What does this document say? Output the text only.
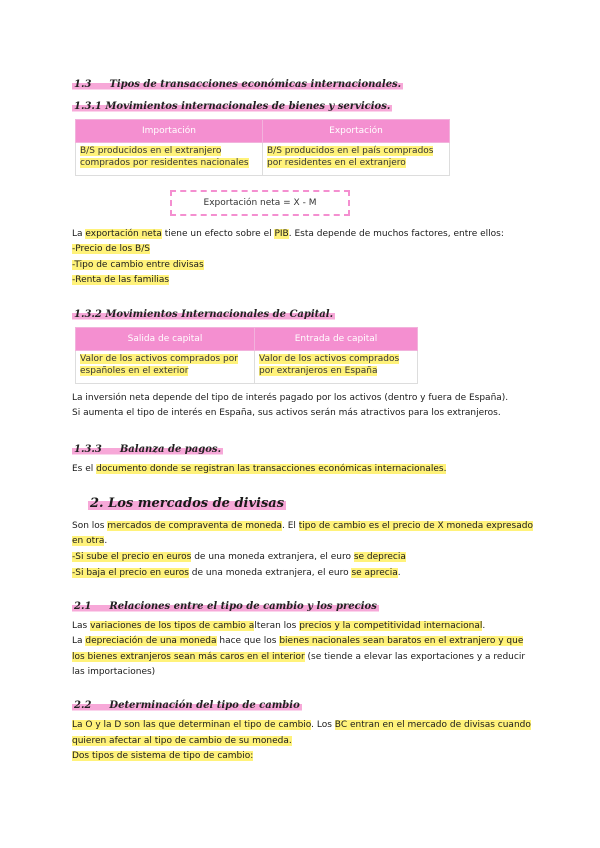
1.3 Tipos de transacciones económicas internacionales.
1.3.1 Movimientos internacionales de bienes y servicios.
Importación	Exportación
B/S producidos en el extranjero comprados por residentes nacionales	B/S producidos en el país comprados por residentes en el extranjero
Exportación neta = X - M
La exportación neta tiene un efecto sobre el PIB. Esta depende de muchos factores, entre ellos:
-Precio de los B/S
-Tipo de cambio entre divisas
-Renta de las familias
1.3.2 Movimientos Internacionales de Capital.
Salida de capital	Entrada de capital
Valor de los activos comprados por españoles en el exterior	Valor de los activos comprados por extranjeros en España
La inversión neta depende del tipo de interés pagado por los activos (dentro y fuera de España).
Si aumenta el tipo de interés en España, sus activos serán más atractivos para los extranjeros.
1.3.3 Balanza de pagos.
Es el documento donde se registran las transacciones económicas internacionales.
2. Los mercados de divisas
Son los mercados de compraventa de moneda. El tipo de cambio es el precio de X moneda expresado
en otra.
-Si sube el precio en euros de una moneda extranjera, el euro se deprecia
-Si baja el precio en euros de una moneda extranjera, el euro se aprecia.
2.1 Relaciones entre el tipo de cambio y los precios
Las variaciones de los tipos de cambio alteran los precios y la competitividad internacional.
La depreciación de una moneda hace que los bienes nacionales sean baratos en el extranjero y que
los bienes extranjeros sean más caros en el interior (se tiende a elevar las exportaciones y a reducir
las importaciones)
2.2 Determinación del tipo de cambio
La O y la D son las que determinan el tipo de cambio. Los BC entran en el mercado de divisas cuando
quieren afectar al tipo de cambio de su moneda.
Dos tipos de sistema de tipo de cambio:
